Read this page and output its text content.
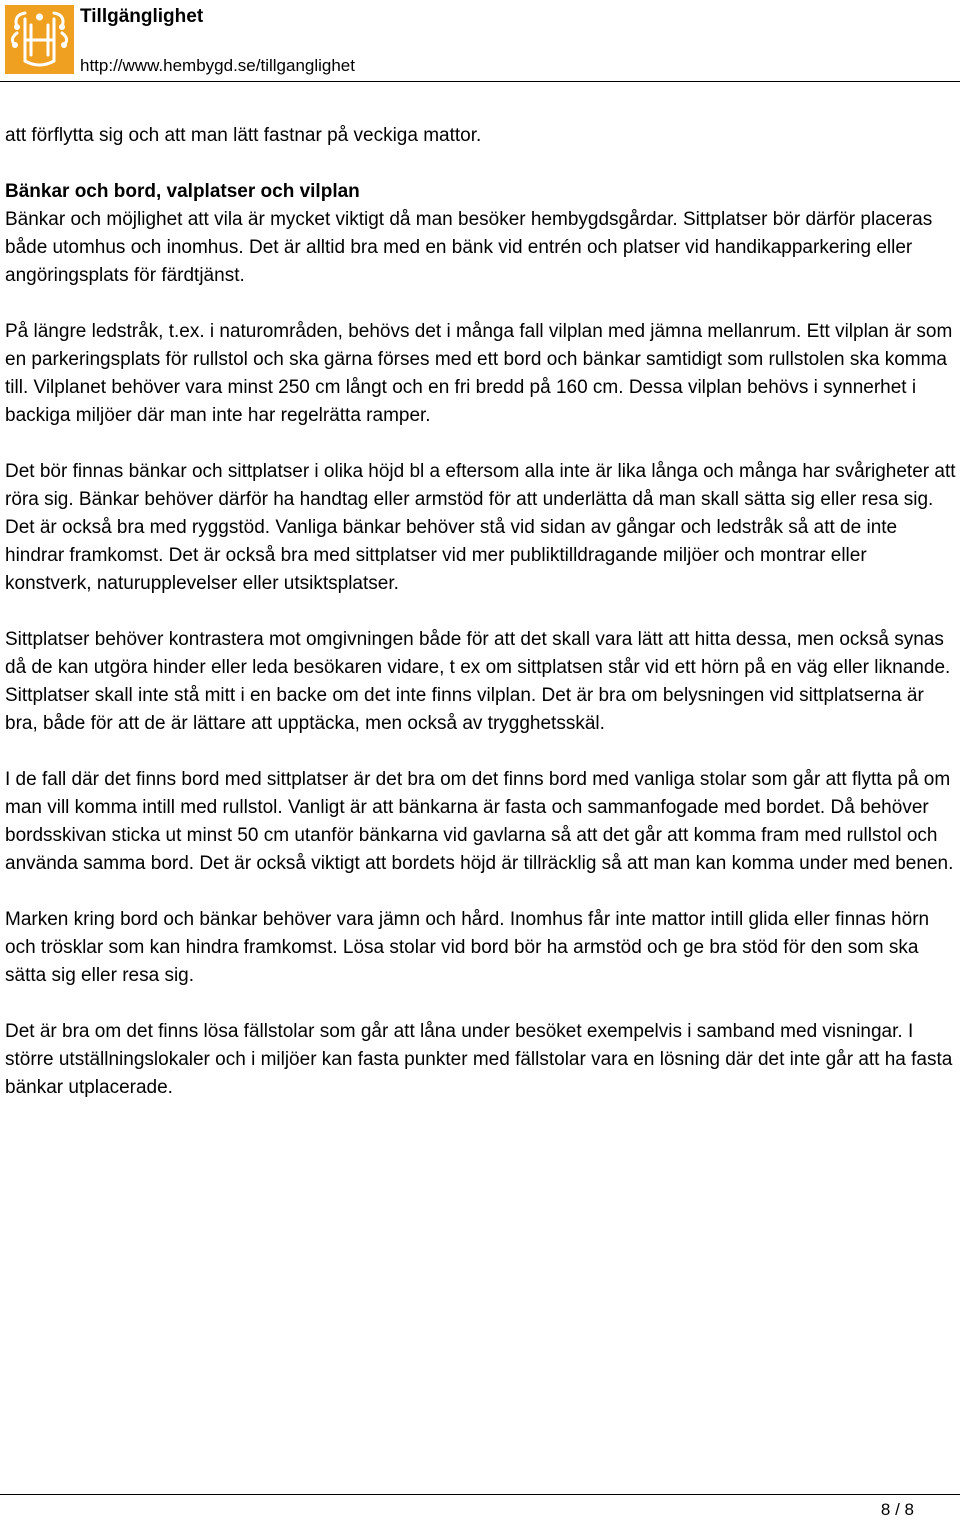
Tillgänglighet
http://www.hembygd.se/tillganglighet

att förflytta sig och att man lätt fastnar på veckiga mattor.

Bänkar och bord, valplatser och vilplan
Bänkar och möjlighet att vila är mycket viktigt då man besöker hembygdsgårdar. Sittplatser bör därför placeras både utomhus och inomhus. Det är alltid bra med en bänk vid entrén och platser vid handikapparkering eller angöringsplats för färdtjänst.

På längre ledstråk, t.ex. i naturområden, behövs det i många fall vilplan med jämna mellanrum. Ett vilplan är som en parkeringsplats för rullstol och ska gärna förses med ett bord och bänkar samtidigt som rullstolen ska komma till. Vilplanet behöver vara minst 250 cm långt och en fri bredd på 160 cm. Dessa vilplan behövs i synnerhet i backiga miljöer där man inte har regelrätta ramper.

Det bör finnas bänkar och sittplatser i olika höjd bl a eftersom alla inte är lika långa och många har svårigheter att röra sig. Bänkar behöver därför ha handtag eller armstöd för att underlätta då man skall sätta sig eller resa sig. Det är också bra med ryggstöd. Vanliga bänkar behöver stå vid sidan av gångar och ledstråk så att de inte hindrar framkomst. Det är också bra med sittplatser vid mer publiktilldragande miljöer och montrar eller konstverk, naturupplevelser eller utsiktsplatser.

Sittplatser behöver kontrastera mot omgivningen både för att det skall vara lätt att hitta dessa, men också synas då de kan utgöra hinder eller leda besökaren vidare, t ex om sittplatsen står vid ett hörn på en väg eller liknande. Sittplatser skall inte stå mitt i en backe om det inte finns vilplan. Det är bra om belysningen vid sittplatserna är bra, både för att de är lättare att upptäcka, men också av trygghetsskäl.

I de fall där det finns bord med sittplatser är det bra om det finns bord med vanliga stolar som går att flytta på om man vill komma intill med rullstol. Vanligt är att bänkarna är fasta och sammanfogade med bordet. Då behöver bordsskivan sticka ut minst 50 cm utanför bänkarna vid gavlarna så att det går att komma fram med rullstol och använda samma bord. Det är också viktigt att bordets höjd är tillräcklig så att man kan komma under med benen.

Marken kring bord och bänkar behöver vara jämn och hård. Inomhus får inte mattor intill glida eller finnas hörn och trösklar som kan hindra framkomst. Lösa stolar vid bord bör ha armstöd och ge bra stöd för den som ska sätta sig eller resa sig.

Det är bra om det finns lösa fällstolar som går att låna under besöket exempelvis i samband med visningar. I större utställningslokaler och i miljöer kan fasta punkter med fällstolar vara en lösning där det inte går att ha fasta bänkar utplacerade.

8 / 8
